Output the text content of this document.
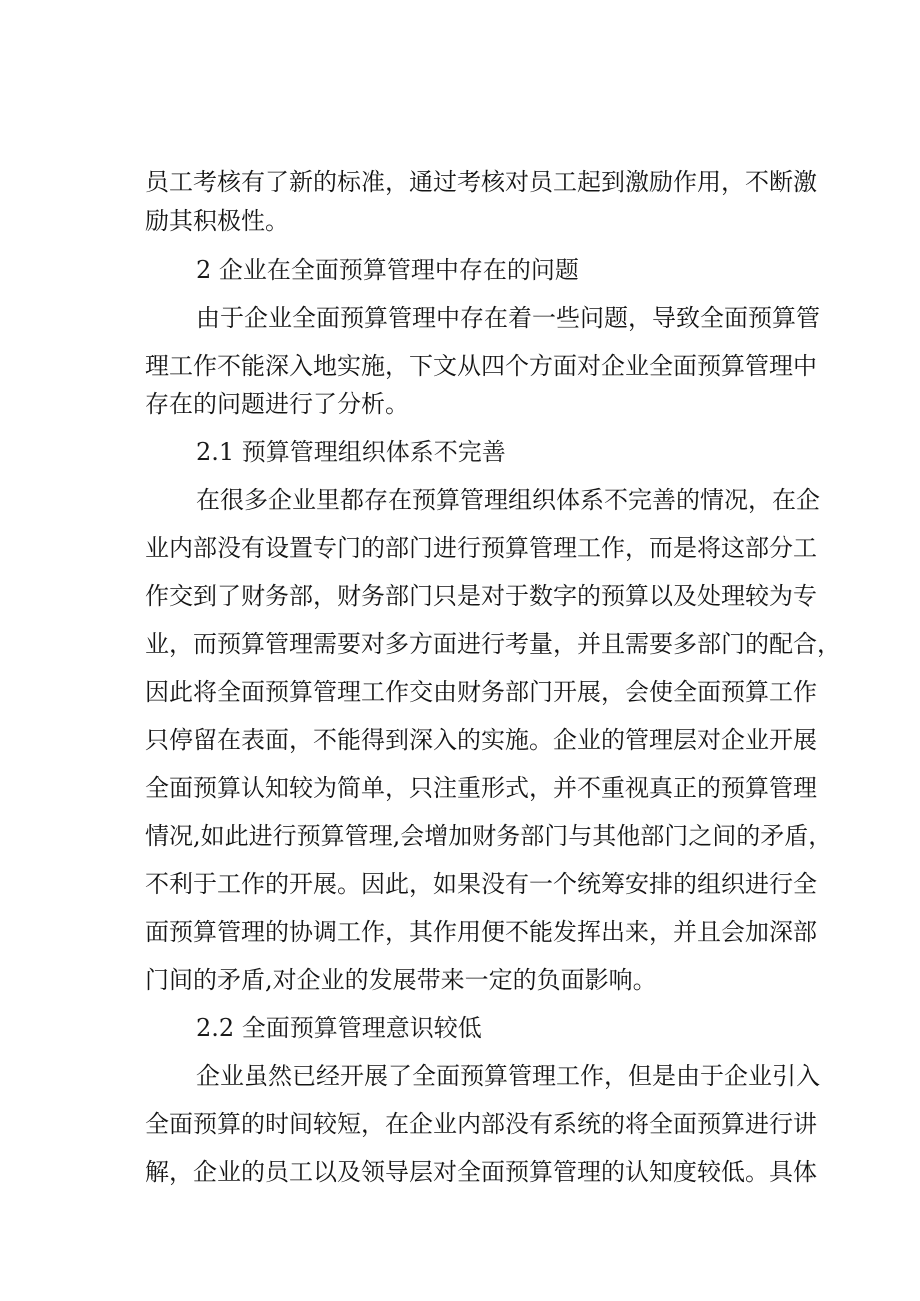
员工考核有了新的标准，通过考核对员工起到激励作用，不断激
励其积极性。
2 企业在全面预算管理中存在的问题
由于企业全面预算管理中存在着一些问题，导致全面预算管
理工作不能深入地实施，下文从四个方面对企业全面预算管理中
存在的问题进行了分析。
2.1 预算管理组织体系不完善
在很多企业里都存在预算管理组织体系不完善的情况，在企
业内部没有设置专门的部门进行预算管理工作，而是将这部分工
作交到了财务部，财务部门只是对于数字的预算以及处理较为专
业，而预算管理需要对多方面进行考量，并且需要多部门的配合，
因此将全面预算管理工作交由财务部门开展，会使全面预算工作
只停留在表面，不能得到深入的实施。企业的管理层对企业开展
全面预算认知较为简单，只注重形式，并不重视真正的预算管理
情况,如此进行预算管理,会增加财务部门与其他部门之间的矛盾，
不利于工作的开展。因此，如果没有一个统筹安排的组织进行全
面预算管理的协调工作，其作用便不能发挥出来，并且会加深部
门间的矛盾,对企业的发展带来一定的负面影响。
2.2 全面预算管理意识较低
企业虽然已经开展了全面预算管理工作，但是由于企业引入
全面预算的时间较短，在企业内部没有系统的将全面预算进行讲
解，企业的员工以及领导层对全面预算管理的认知度较低。具体
